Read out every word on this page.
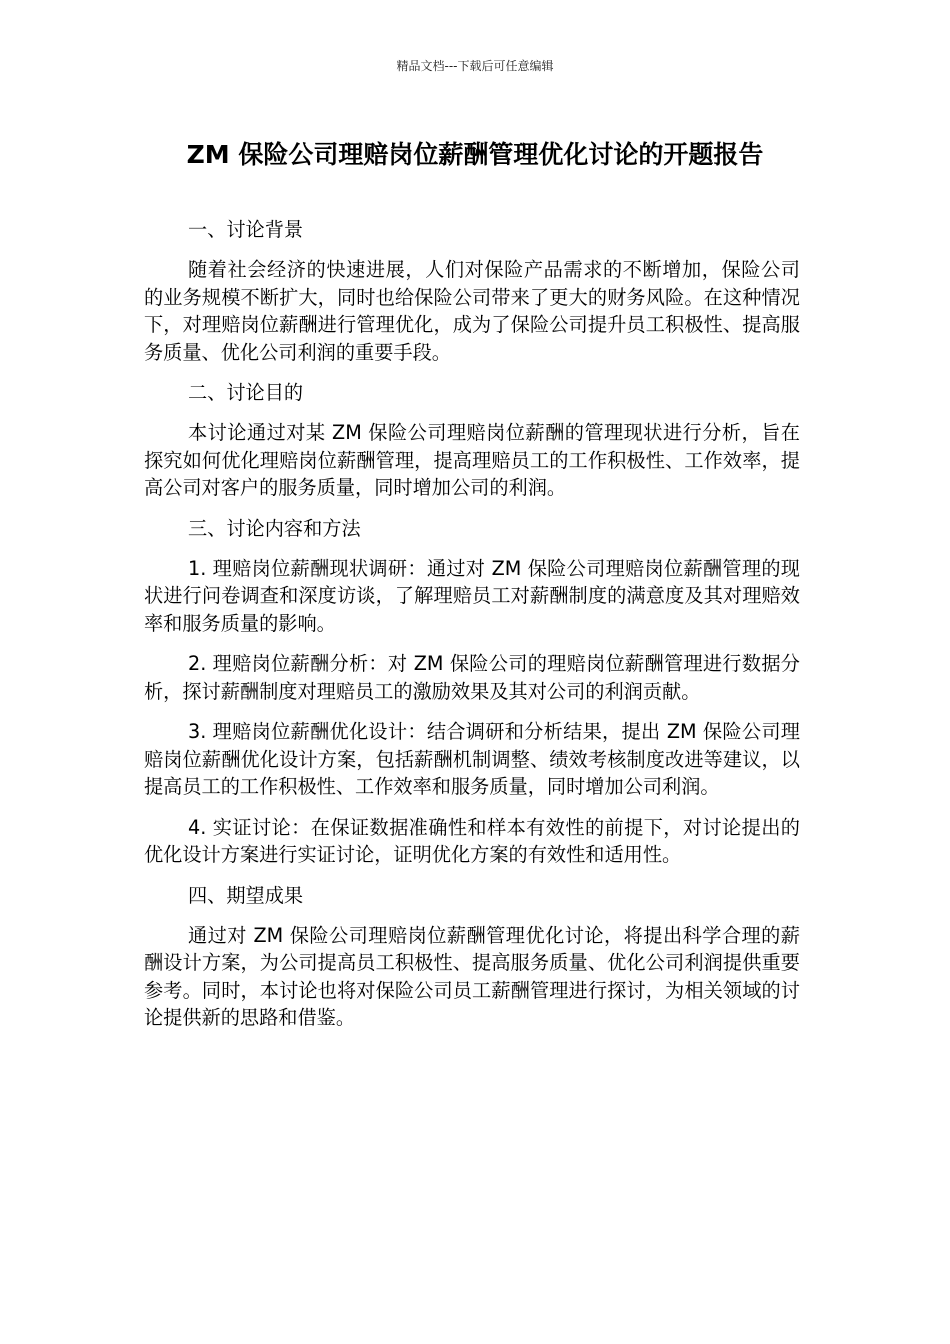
精品文档---下载后可任意编辑
ZM 保险公司理赔岗位薪酬管理优化讨论的开题报告

一、讨论背景

随着社会经济的快速进展，人们对保险产品需求的不断增加，保险公司的业务规模不断扩大，同时也给保险公司带来了更大的财务风险。在这种情况下，对理赔岗位薪酬进行管理优化，成为了保险公司提升员工积极性、提高服务质量、优化公司利润的重要手段。

二、讨论目的

本讨论通过对某 ZM 保险公司理赔岗位薪酬的管理现状进行分析，旨在探究如何优化理赔岗位薪酬管理，提高理赔员工的工作积极性、工作效率，提高公司对客户的服务质量，同时增加公司的利润。

三、讨论内容和方法

1. 理赔岗位薪酬现状调研：通过对 ZM 保险公司理赔岗位薪酬管理的现状进行问卷调查和深度访谈，了解理赔员工对薪酬制度的满意度及其对理赔效率和服务质量的影响。

2. 理赔岗位薪酬分析：对 ZM 保险公司的理赔岗位薪酬管理进行数据分析，探讨薪酬制度对理赔员工的激励效果及其对公司的利润贡献。

3. 理赔岗位薪酬优化设计：结合调研和分析结果，提出 ZM 保险公司理赔岗位薪酬优化设计方案，包括薪酬机制调整、绩效考核制度改进等建议，以提高员工的工作积极性、工作效率和服务质量，同时增加公司利润。

4. 实证讨论：在保证数据准确性和样本有效性的前提下，对讨论提出的优化设计方案进行实证讨论，证明优化方案的有效性和适用性。

四、期望成果

通过对 ZM 保险公司理赔岗位薪酬管理优化讨论，将提出科学合理的薪酬设计方案，为公司提高员工积极性、提高服务质量、优化公司利润提供重要参考。同时，本讨论也将对保险公司员工薪酬管理进行探讨，为相关领域的讨论提供新的思路和借鉴。
